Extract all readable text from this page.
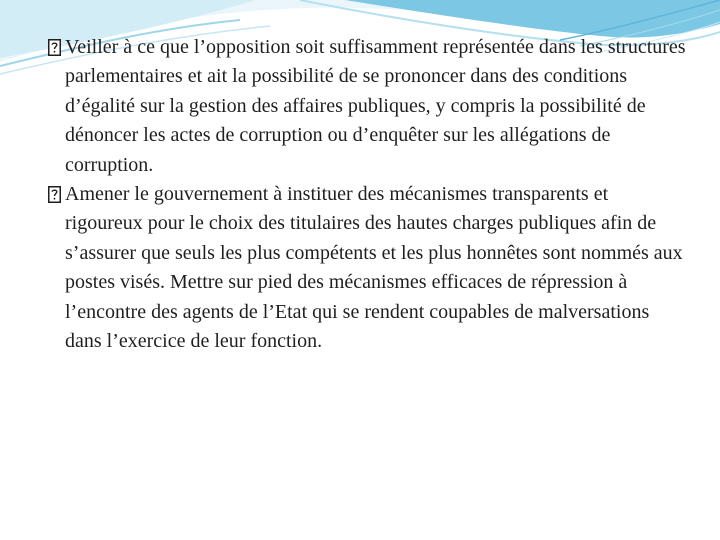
Veiller à ce que l’opposition soit suffisamment représentée dans les structures parlementaires et ait la possibilité de se prononcer dans des conditions d’égalité sur la gestion des affaires publiques, y compris la possibilité de dénoncer les actes de corruption ou d’enquêter sur les allégations de corruption.

Amener le gouvernement à instituer des mécanismes transparents et rigoureux pour le choix des titulaires des hautes charges publiques afin de s’assurer que seuls les plus compétents et les plus honnêtes sont nommés aux postes visés. Mettre sur pied des mécanismes efficaces de répression à l’encontre des agents de l’Etat qui se rendent coupables de malversations dans l’exercice de leur fonction.
